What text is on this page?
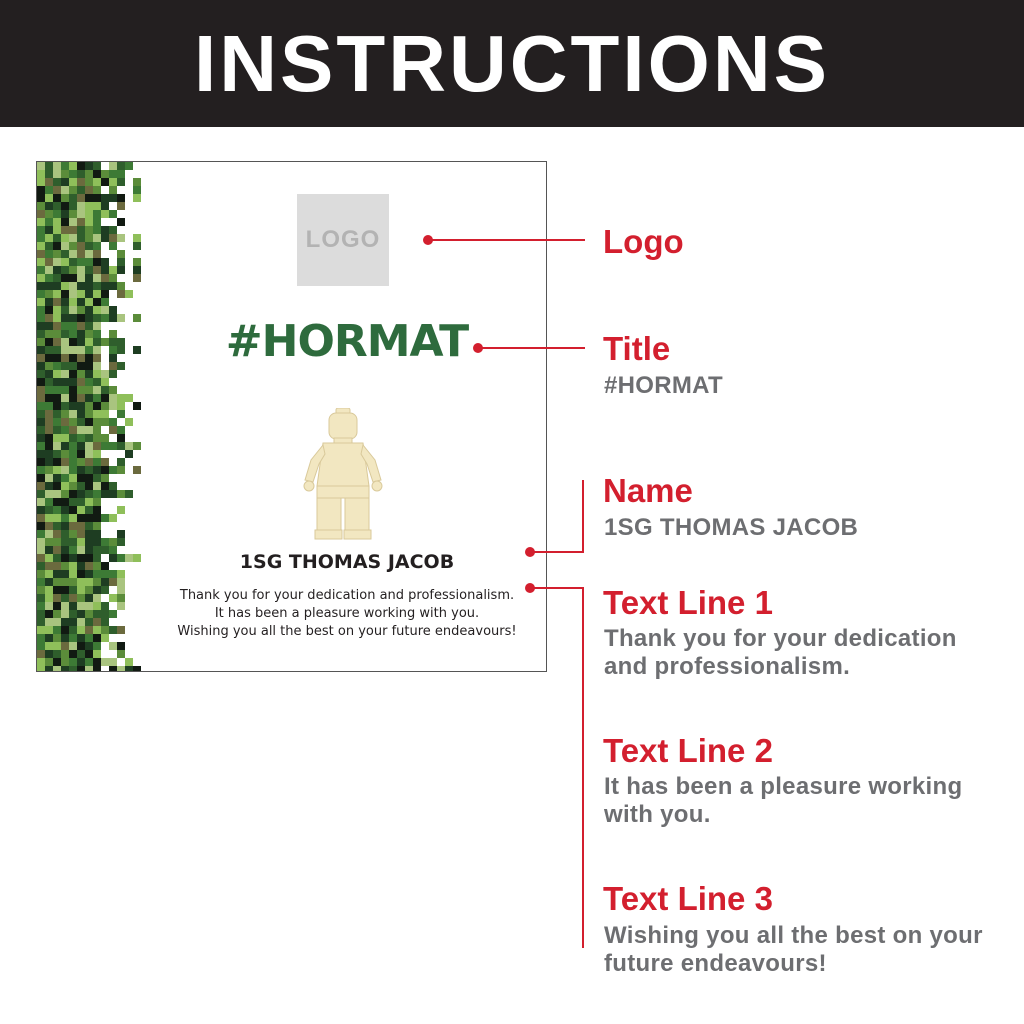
INSTRUCTIONS
LOGO
#HORMAT
1SG THOMAS JACOB
Thank you for your dedication and professionalism.
It has been a pleasure working with you.
Wishing you all the best on your future endeavours!
Logo
Title
#HORMAT
Name
1SG THOMAS JACOB
Text Line 1
Thank you for your dedication
and professionalism.
Text Line 2
It has been a pleasure working
with you.
Text Line 3
Wishing you all the best on your
future endeavours!
